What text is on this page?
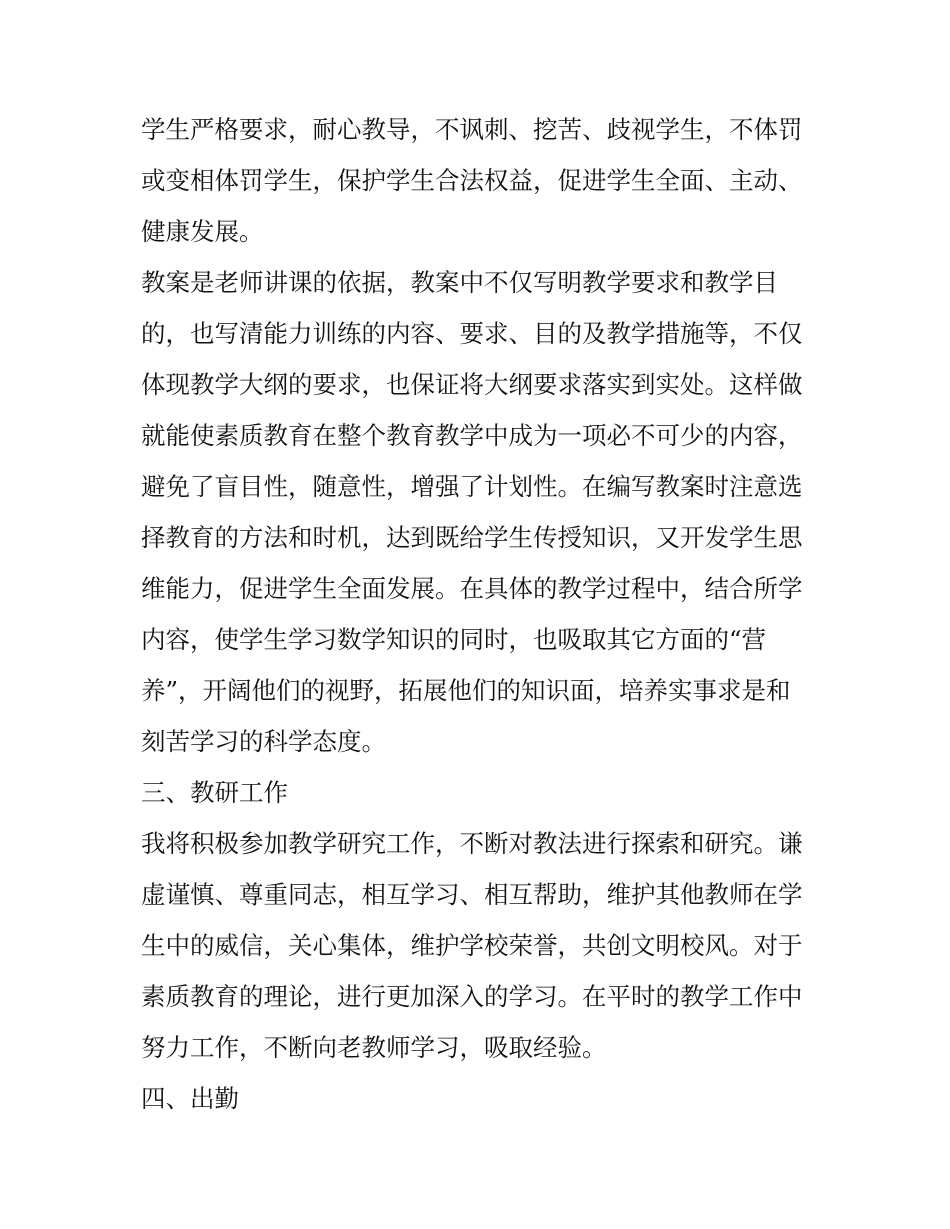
学生严格要求，耐心教导，不讽刺、挖苦、歧视学生，不体罚
或变相体罚学生，保护学生合法权益，促进学生全面、主动、
健康发展。
教案是老师讲课的依据，教案中不仅写明教学要求和教学目
的，也写清能力训练的内容、要求、目的及教学措施等，不仅
体现教学大纲的要求，也保证将大纲要求落实到实处。这样做
就能使素质教育在整个教育教学中成为一项必不可少的内容，
避免了盲目性，随意性，增强了计划性。在编写教案时注意选
择教育的方法和时机，达到既给学生传授知识，又开发学生思
维能力，促进学生全面发展。在具体的教学过程中，结合所学
内容，使学生学习数学知识的同时，也吸取其它方面的“营
养”，开阔他们的视野，拓展他们的知识面，培养实事求是和
刻苦学习的科学态度。
三、教研工作
我将积极参加教学研究工作，不断对教法进行探索和研究。谦
虚谨慎、尊重同志，相互学习、相互帮助，维护其他教师在学
生中的威信，关心集体，维护学校荣誉，共创文明校风。对于
素质教育的理论，进行更加深入的学习。在平时的教学工作中
努力工作，不断向老教师学习，吸取经验。
四、出勤
